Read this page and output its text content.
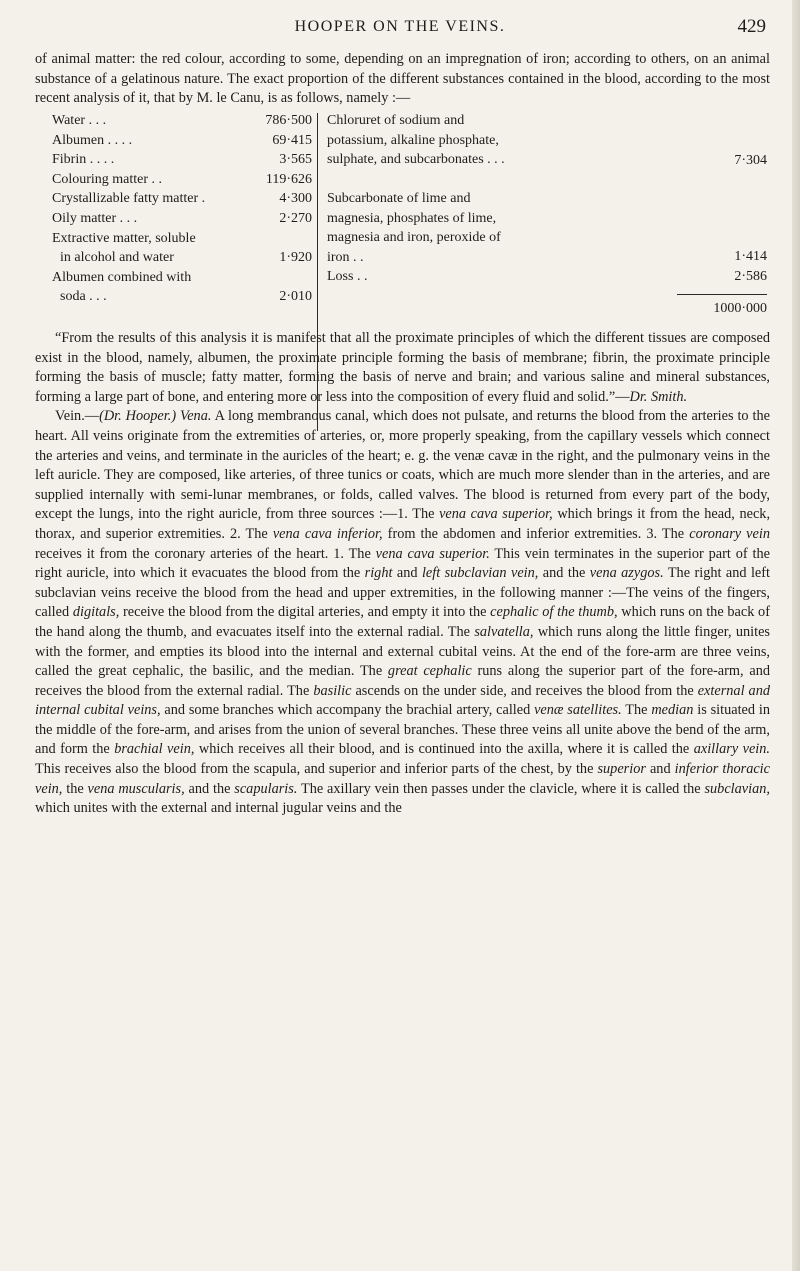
HOOPER ON THE VEINS.	429

of animal matter: the red colour, according to some, depending on an impregnation of iron; according to others, on an animal substance of a gelatinous nature. The exact proportion of the different substances contained in the blood, according to the most recent analysis of it, that by M. le Canu, is as follows, namely :—

Water . . .	786·500
Albumen . . . .	69·415
Fibrin . . . .	3·565
Colouring matter . .	119·626
Crystallizable fatty matter .	4·300
Oily matter . . .	2·270
Extractive matter, soluble
in alcohol and water	1·920
Albumen combined with
soda . . .	2·010
Chloruret of sodium and potassium, alkaline phosphate, sulphate, and subcarbonates . . .	7·304
Subcarbonate of lime and magnesia, phosphates of lime, magnesia and iron, peroxide of iron . .	1·414
Loss . .	2·586
1000·000

“From the results of this analysis it is manifest that all the proximate principles of which the different tissues are composed exist in the blood, namely, albumen, the proximate principle forming the basis of membrane; fibrin, the proximate principle forming the basis of muscle; fatty matter, forming the basis of nerve and brain; and various saline and mineral substances, forming a large part of bone, and entering more or less into the composition of every fluid and solid.”—Dr. Smith.

Vein.—(Dr. Hooper.) Vena. A long membranous canal, which does not pulsate, and returns the blood from the arteries to the heart. All veins originate from the extremities of arteries, or, more properly speaking, from the capillary vessels which connect the arteries and veins, and terminate in the auricles of the heart; e. g. the venæ cavæ in the right, and the pulmonary veins in the left auricle. They are composed, like arteries, of three tunics or coats, which are much more slender than in the arteries, and are supplied internally with semi-lunar membranes, or folds, called valves. The blood is returned from every part of the body, except the lungs, into the right auricle, from three sources :—1. The vena cava superior, which brings it from the head, neck, thorax, and superior extremities. 2. The vena cava inferior, from the abdomen and inferior extremities. 3. The coronary vein receives it from the coronary arteries of the heart. 1. The vena cava superior. This vein terminates in the superior part of the right auricle, into which it evacuates the blood from the right and left subclavian vein, and the vena azygos. The right and left subclavian veins receive the blood from the head and upper extremities, in the following manner :—The veins of the fingers, called digitals, receive the blood from the digital arteries, and empty it into the cephalic of the thumb, which runs on the back of the hand along the thumb, and evacuates itself into the external radial. The salvatella, which runs along the little finger, unites with the former, and empties its blood into the internal and external cubital veins. At the end of the fore-arm are three veins, called the great cephalic, the basilic, and the median. The great cephalic runs along the superior part of the fore-arm, and receives the blood from the external radial. The basilic ascends on the under side, and receives the blood from the external and internal cubital veins, and some branches which accompany the brachial artery, called venæ satellites. The median is situated in the middle of the fore-arm, and arises from the union of several branches. These three veins all unite above the bend of the arm, and form the brachial vein, which receives all their blood, and is continued into the axilla, where it is called the axillary vein. This receives also the blood from the scapula, and superior and inferior parts of the chest, by the superior and inferior thoracic vein, the vena muscularis, and the scapularis. The axillary vein then passes under the clavicle, where it is called the subclavian, which unites with the external and internal jugular veins and the
